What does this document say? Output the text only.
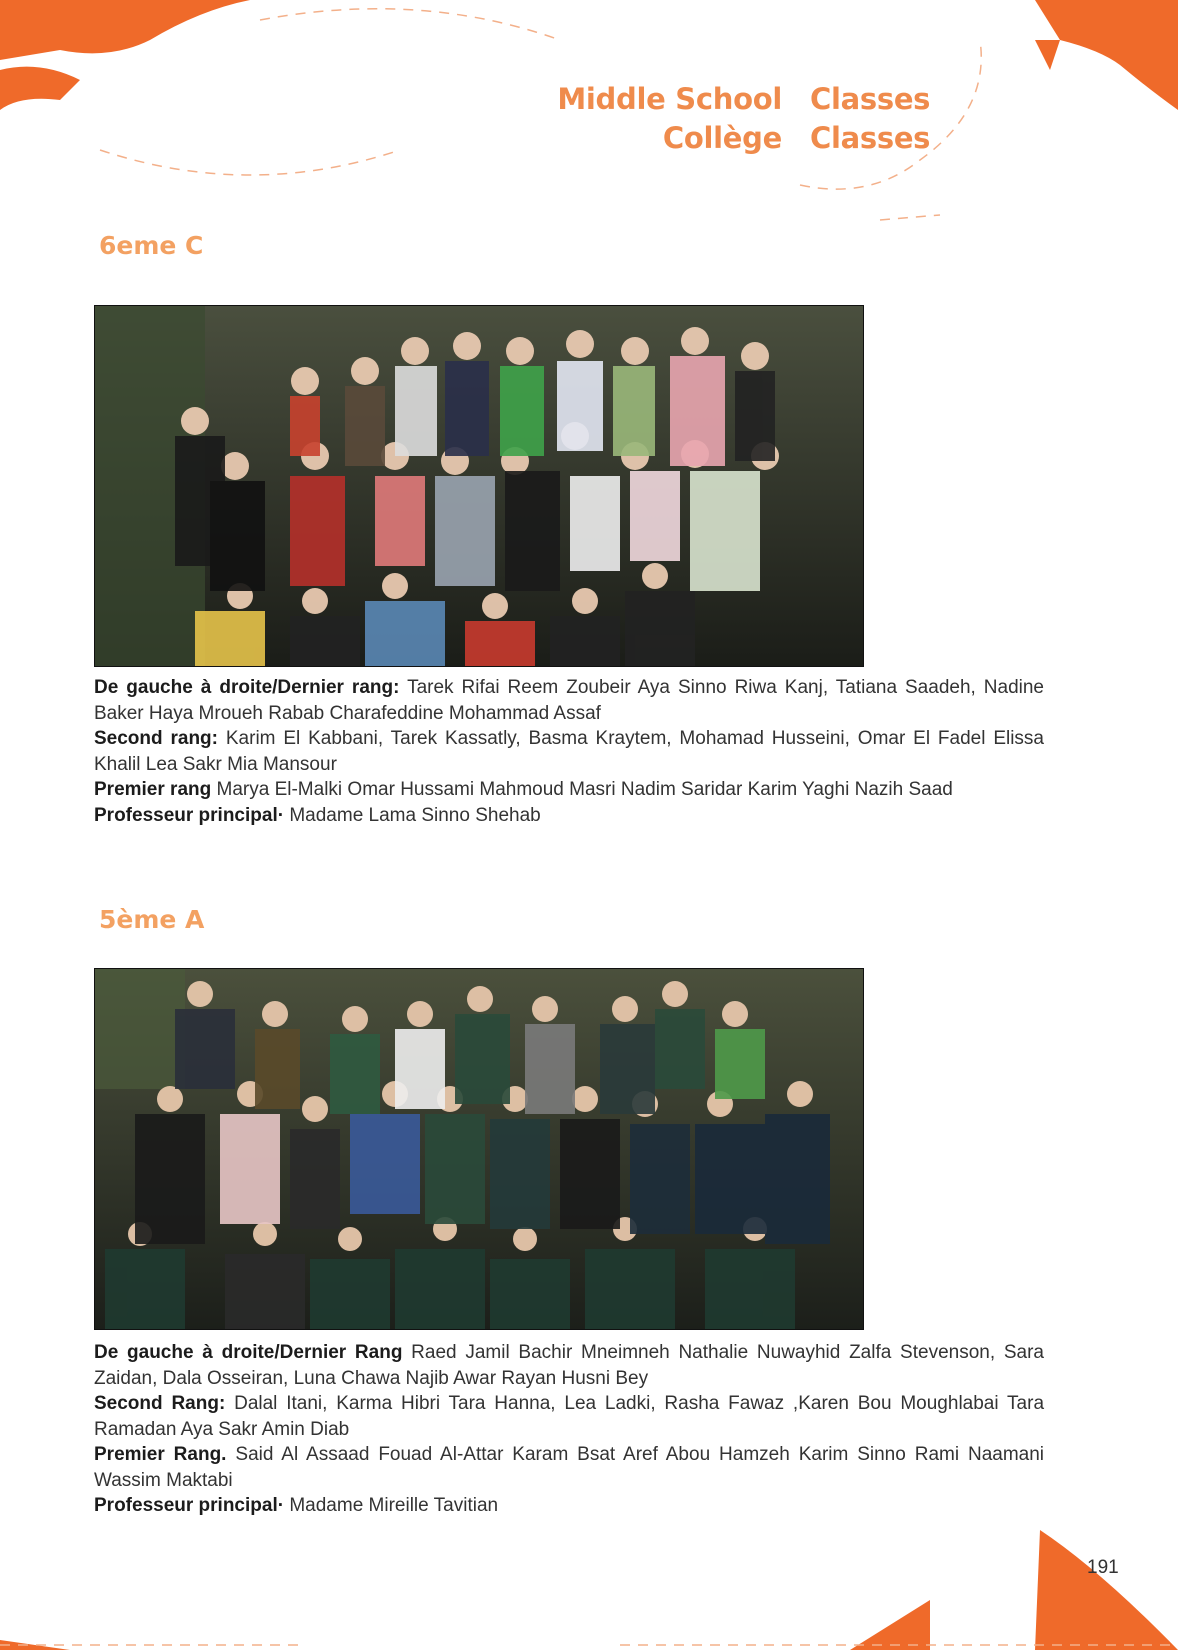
Middle School Classes
Collège Classes
6eme C

De gauche à droite/Dernier rang: Tarek Rifai Reem Zoubeir Aya Sinno Riwa Kanj, Tatiana Saadeh, Nadine Baker Haya Mroueh Rabab Charafeddine Mohammad Assaf

Second rang: Karim El Kabbani, Tarek Kassatly, Basma Kraytem, Mohamad Husseini, Omar El Fadel Elissa Khalil Lea Sakr Mia Mansour

Premier rang Marya El-Malki Omar Hussami Mahmoud Masri Nadim Saridar Karim Yaghi Nazih Saad

Professeur principal· Madame Lama Sinno Shehab

5ème A

De gauche à droite/Dernier Rang Raed Jamil Bachir Mneimneh Nathalie Nuwayhid Zalfa Stevenson, Sara Zaidan, Dala Osseiran, Luna Chawa Najib Awar Rayan Husni Bey

Second Rang: Dalal Itani, Karma Hibri Tara Hanna, Lea Ladki, Rasha Fawaz ,Karen Bou Moughlabai Tara Ramadan Aya Sakr Amin Diab

Premier Rang. Said Al Assaad Fouad Al-Attar Karam Bsat Aref Abou Hamzeh Karim Sinno Rami Naamani Wassim Maktabi

Professeur principal· Madame Mireille Tavitian

191
